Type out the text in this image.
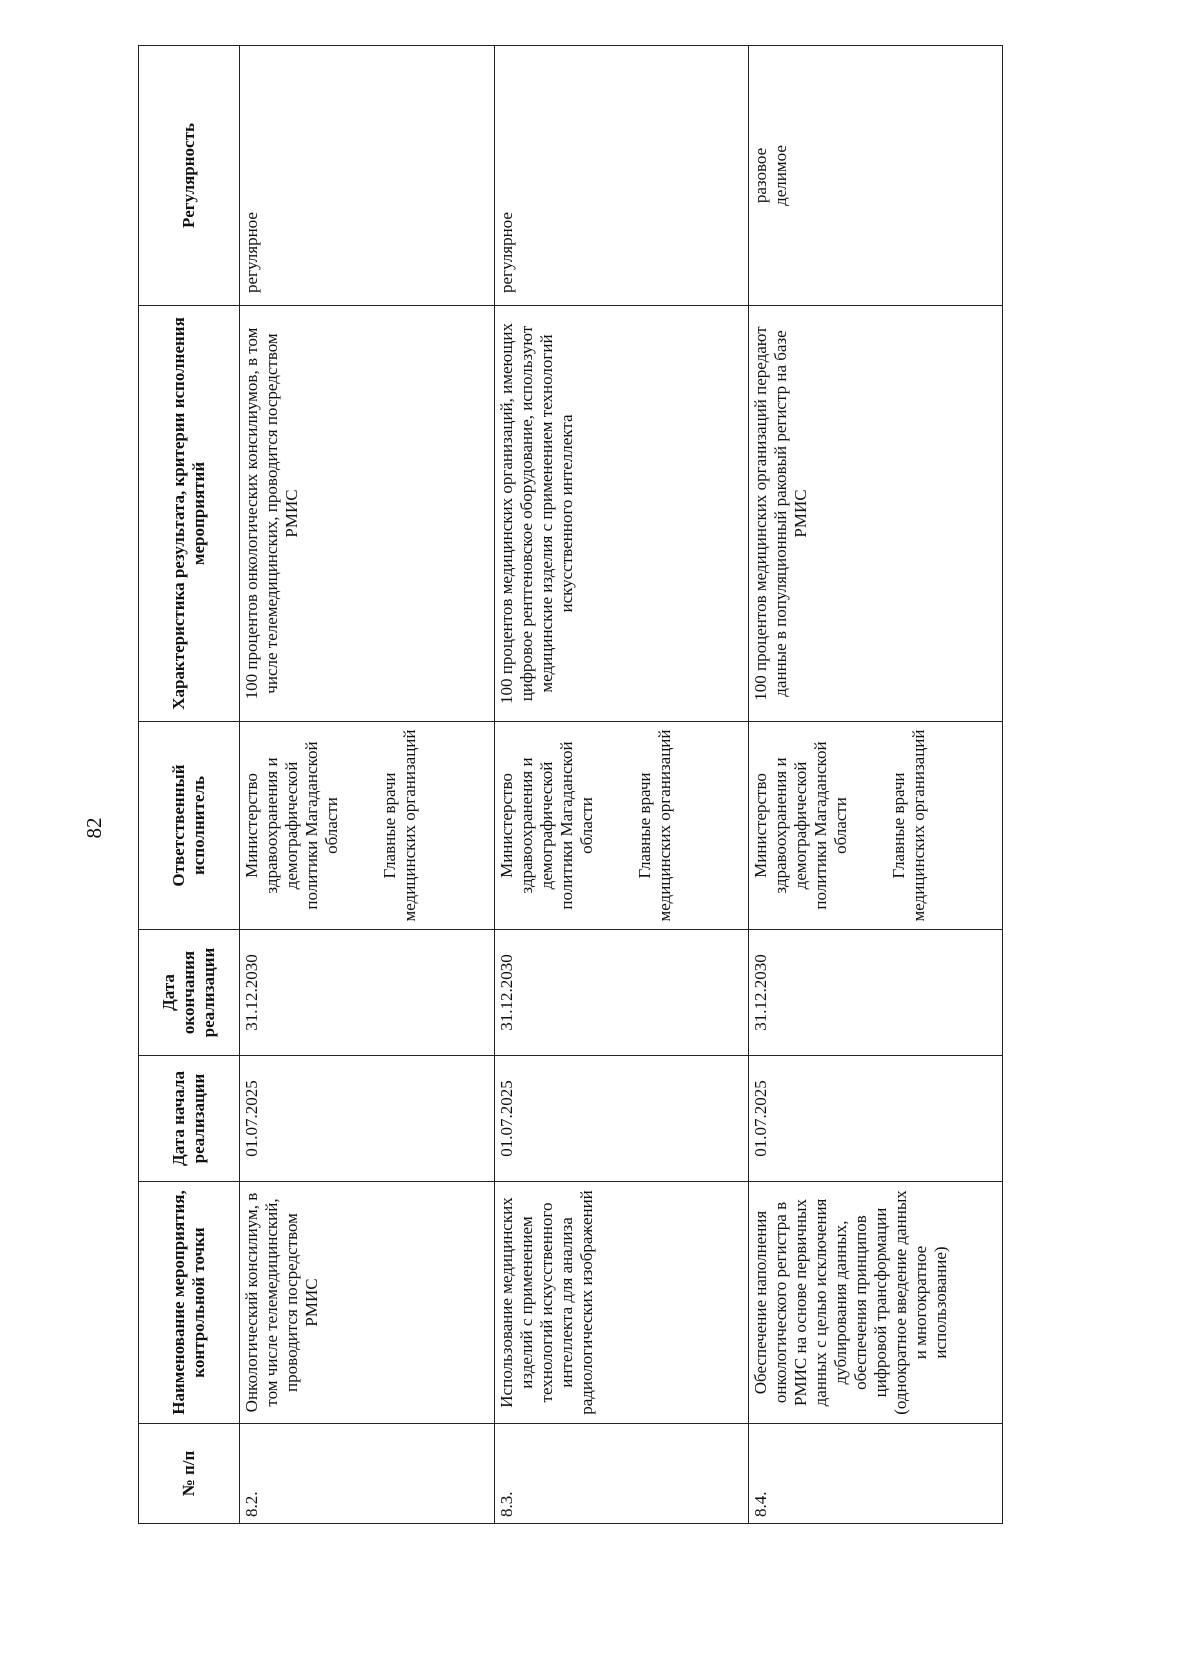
82
№ п/п	Наименование мероприятия, контрольной точки	Дата начала реализации	Дата окончания реализации	Ответственный исполнитель	Характеристика результата, критерии исполнения мероприятий	Регулярность
8.2.	Онкологический консилиум, в том числе телемедицинский, проводится посредством РМИС	01.07.2025	31.12.2030	Министерство здравоохранения и демографической политики Магаданской области Главные врачи медицинских организаций	100 процентов онкологических консилиумов, в том числе телемедицинских, проводится посредством РМИС	регулярное
8.3.	Использование медицинских изделий с применением технологий искусственного интеллекта для анализа радиологических изображений	01.07.2025	31.12.2030	Министерство здравоохранения и демографической политики Магаданской области Главные врачи медицинских организаций	100 процентов медицинских организаций, имеющих цифровое рентгеновское оборудование, используют медицинские изделия с применением технологий искусственного интеллекта	регулярное
8.4.	Обеспечение наполнения онкологического регистра в РМИС на основе первичных данных с целью исключения дублирования данных, обеспечения принципов цифровой трансформации (однократное введение данных и многократное использование)	01.07.2025	31.12.2030	Министерство здравоохранения и демографической политики Магаданской области Главные врачи медицинских организаций	100 процентов медицинских организаций передают данные в популяционный раковый регистр на базе РМИС	разовое делимое
